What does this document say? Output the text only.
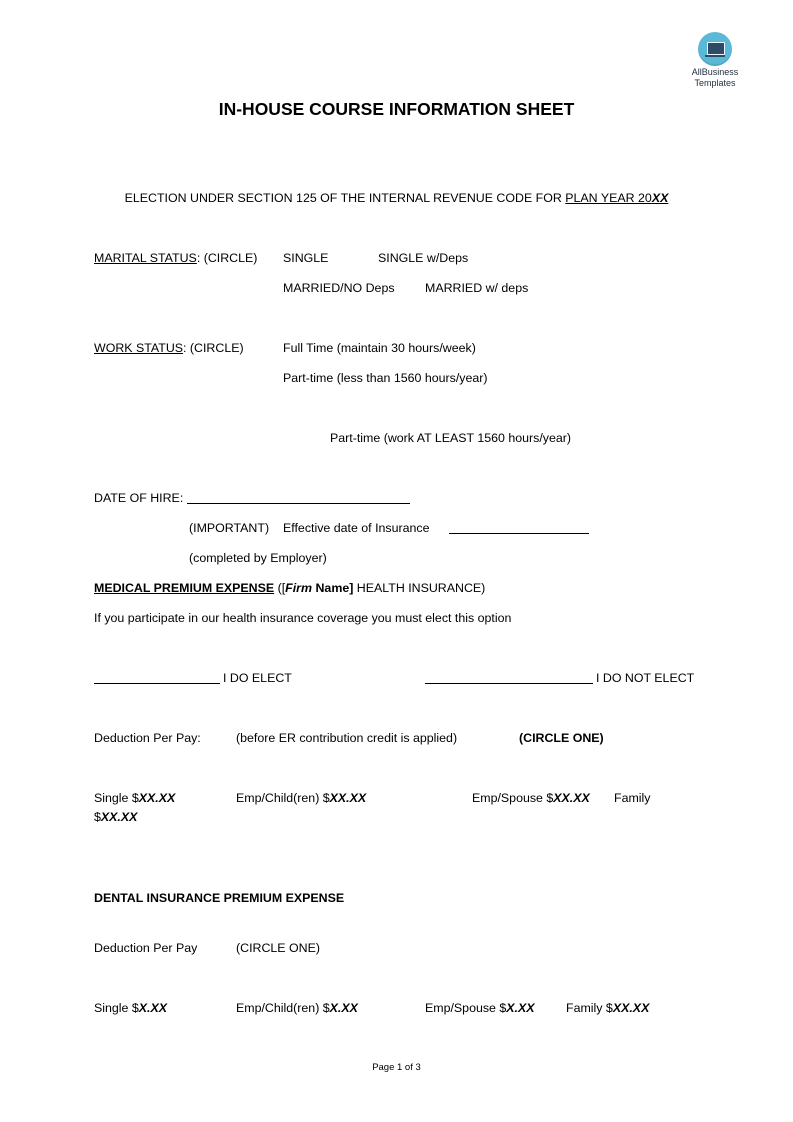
AllBusiness
Templates
IN-HOUSE COURSE INFORMATION SHEET
ELECTION UNDER SECTION 125 OF THE INTERNAL REVENUE CODE FOR PLAN YEAR 20XX
MARITAL STATUS: (CIRCLE) SINGLE	SINGLE w/Deps
MARRIED/NO Deps MARRIED w/ deps
WORK STATUS: (CIRCLE)	Full Time (maintain 30 hours/week)
Part-time (less than 1560 hours/year)
Part-time (work AT LEAST 1560 hours/year)
DATE OF HIRE:
(IMPORTANT) Effective date of Insurance
(completed by Employer)
MEDICAL PREMIUM EXPENSE ([Firm Name] HEALTH INSURANCE)
If you participate in our health insurance coverage you must elect this option
I DO ELECT	I DO NOT ELECT
Deduction Per Pay:	(before ER contribution credit is applied)	(CIRCLE ONE)
Single $XX.XX	Emp/Child(ren) $XX.XX	Emp/Spouse $XX.XX Family
$XX.XX
DENTAL INSURANCE PREMIUM EXPENSE
Deduction Per Pay	(CIRCLE ONE)
Single $X.XX	Emp/Child(ren) $X.XX	Emp/Spouse $X.XX	Family $XX.XX
Page 1 of 3
